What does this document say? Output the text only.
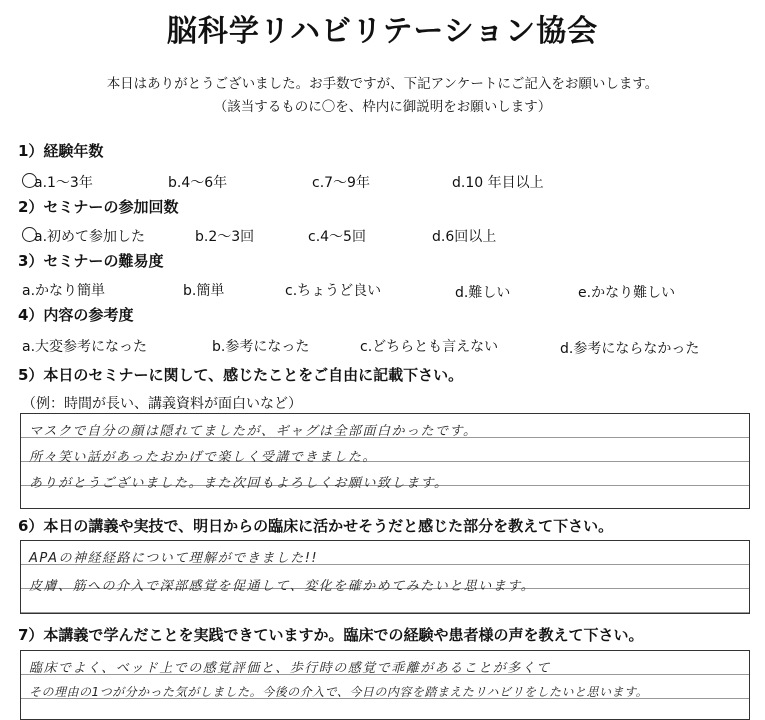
脳科学リハビリテーション協会
本日はありがとうございました。お手数ですが、下記アンケートにご記入をお願いします。
（該当するものに〇を、枠内に御説明をお願いします）
1）経験年数
a.1～3年	b.4～6年	c.7～9年	d.10 年目以上
2）セミナーの参加回数
a.初めて参加した	b.2～3回	c.4～5回	d.6回以上
3）セミナーの難易度
a.かなり簡単	b.簡単	c.ちょうど良い	d.難しい	e.かなり難しい
4）内容の参考度
a.大変参考になった	b.参考になった	c.どちらとも言えない	d.参考にならなかった
5）本日のセミナーに関して、感じたことをご自由に記載下さい。
（例：時間が長い、講義資料が面白いなど）
マスクで自分の顔は隠れてましたが、ギャグは全部面白かったです。
所々笑い話があったおかげで楽しく受講できました。
ありがとうございました。また次回もよろしくお願い致します。
6）本日の講義や実技で、明日からの臨床に活かせそうだと感じた部分を教えて下さい。
APAの神経経路について理解ができました!!
皮膚、筋への介入で深部感覚を促通して、変化を確かめてみたいと思います。
7）本講義で学んだことを実践できていますか。臨床での経験や患者様の声を教えて下さい。
臨床でよく、ベッド上での感覚評価と、歩行時の感覚で乖離があることが多くて
その理由の1つが分かった気がしました。今後の介入で、今日の内容を踏まえたリハビリをしたいと思います。
